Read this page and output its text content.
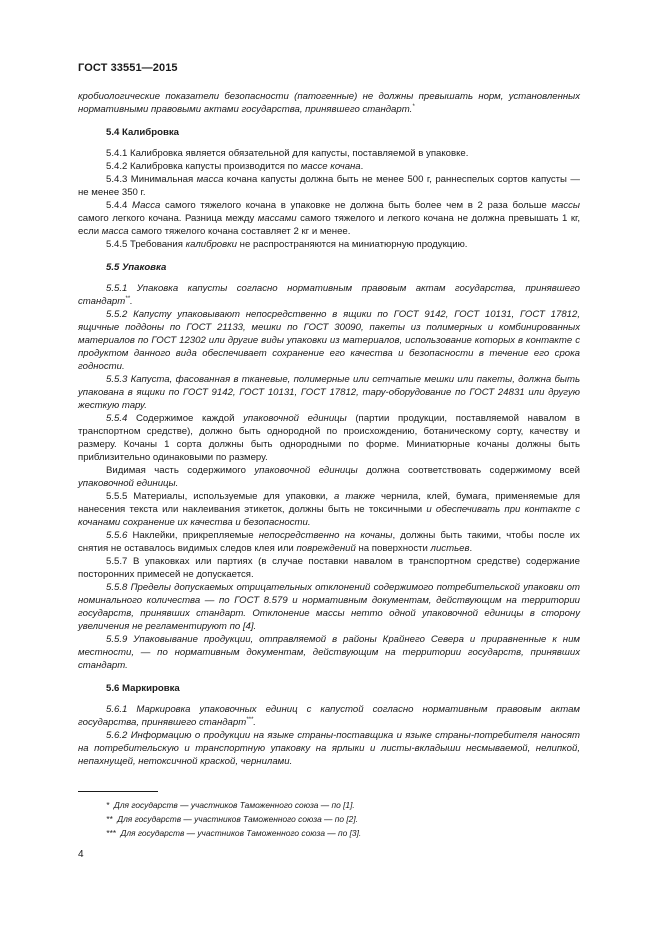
ГОСТ 33551—2015

кробиологические показатели безопасности (патогенные) не должны превышать норм, установленных нормативными правовыми актами государства, принявшего стандарт.*

5.4 Калибровка

5.4.1 Калибровка является обязательной для капусты, поставляемой в упаковке.

5.4.2 Калибровка капусты производится по массе кочана.

5.4.3 Минимальная масса кочана капусты должна быть не менее 500 г, раннеспелых сортов капусты — не менее 350 г.

5.4.4 Масса самого тяжелого кочана в упаковке не должна быть более чем в 2 раза больше массы самого легкого кочана. Разница между массами самого тяжелого и легкого кочана не должна превышать 1 кг, если масса самого тяжелого кочана составляет 2 кг и менее.

5.4.5 Требования калибровки не распространяются на миниатюрную продукцию.

5.5 Упаковка

5.5.1 Упаковка капусты согласно нормативным правовым актам государства, принявшего стандарт**.

5.5.2 Капусту упаковывают непосредственно в ящики по ГОСТ 9142, ГОСТ 10131, ГОСТ 17812, ящичные поддоны по ГОСТ 21133, мешки по ГОСТ 30090, пакеты из полимерных и комбинированных материалов по ГОСТ 12302 или другие виды упаковки из материалов, использование которых в контакте с продуктом данного вида обеспечивает сохранение его качества и безопасности в течение его срока годности.

5.5.3 Капуста, фасованная в тканевые, полимерные или сетчатые мешки или пакеты, должна быть упакована в ящики по ГОСТ 9142, ГОСТ 10131, ГОСТ 17812, тару-оборудование по ГОСТ 24831 или другую жесткую тару.

5.5.4 Содержимое каждой упаковочной единицы (партии продукции, поставляемой навалом в транспортном средстве), должно быть однородной по происхождению, ботаническому сорту, качеству и размеру. Кочаны 1 сорта должны быть однородными по форме. Миниатюрные кочаны должны быть приблизительно одинаковыми по размеру.

Видимая часть содержимого упаковочной единицы должна соответствовать содержимому всей упаковочной единицы.

5.5.5 Материалы, используемые для упаковки, а также чернила, клей, бумага, применяемые для нанесения текста или наклеивания этикеток, должны быть не токсичными и обеспечивать при контакте с кочанами сохранение их качества и безопасности.

5.5.6 Наклейки, прикрепляемые непосредственно на кочаны, должны быть такими, чтобы после их снятия не оставалось видимых следов клея или повреждений на поверхности листьев.

5.5.7 В упаковках или партиях (в случае поставки навалом в транспортном средстве) содержание посторонних примесей не допускается.

5.5.8 Пределы допускаемых отрицательных отклонений содержимого потребительской упаковки от номинального количества — по ГОСТ 8.579 и нормативным документам, действующим на территории государств, принявших стандарт. Отклонение массы нетто одной упаковочной единицы в сторону увеличения не регламентируют по [4].

5.5.9 Упаковывание продукции, отправляемой в районы Крайнего Севера и приравненные к ним местности, — по нормативным документам, действующим на территории государств, принявших стандарт.

5.6 Маркировка

5.6.1 Маркировка упаковочных единиц с капустой согласно нормативным правовым актам государства, принявшего стандарт***.

5.6.2 Информацию о продукции на языке страны-поставщика и языке страны-потребителя наносят на потребительскую и транспортную упаковку на ярлыки и листы-вкладыши несмываемой, нелипкой, непахнущей, нетоксичной краской, чернилами.

* Для государств — участников Таможенного союза — по [1].
** Для государств — участников Таможенного союза — по [2].
*** Для государств — участников Таможенного союза — по [3].
4
